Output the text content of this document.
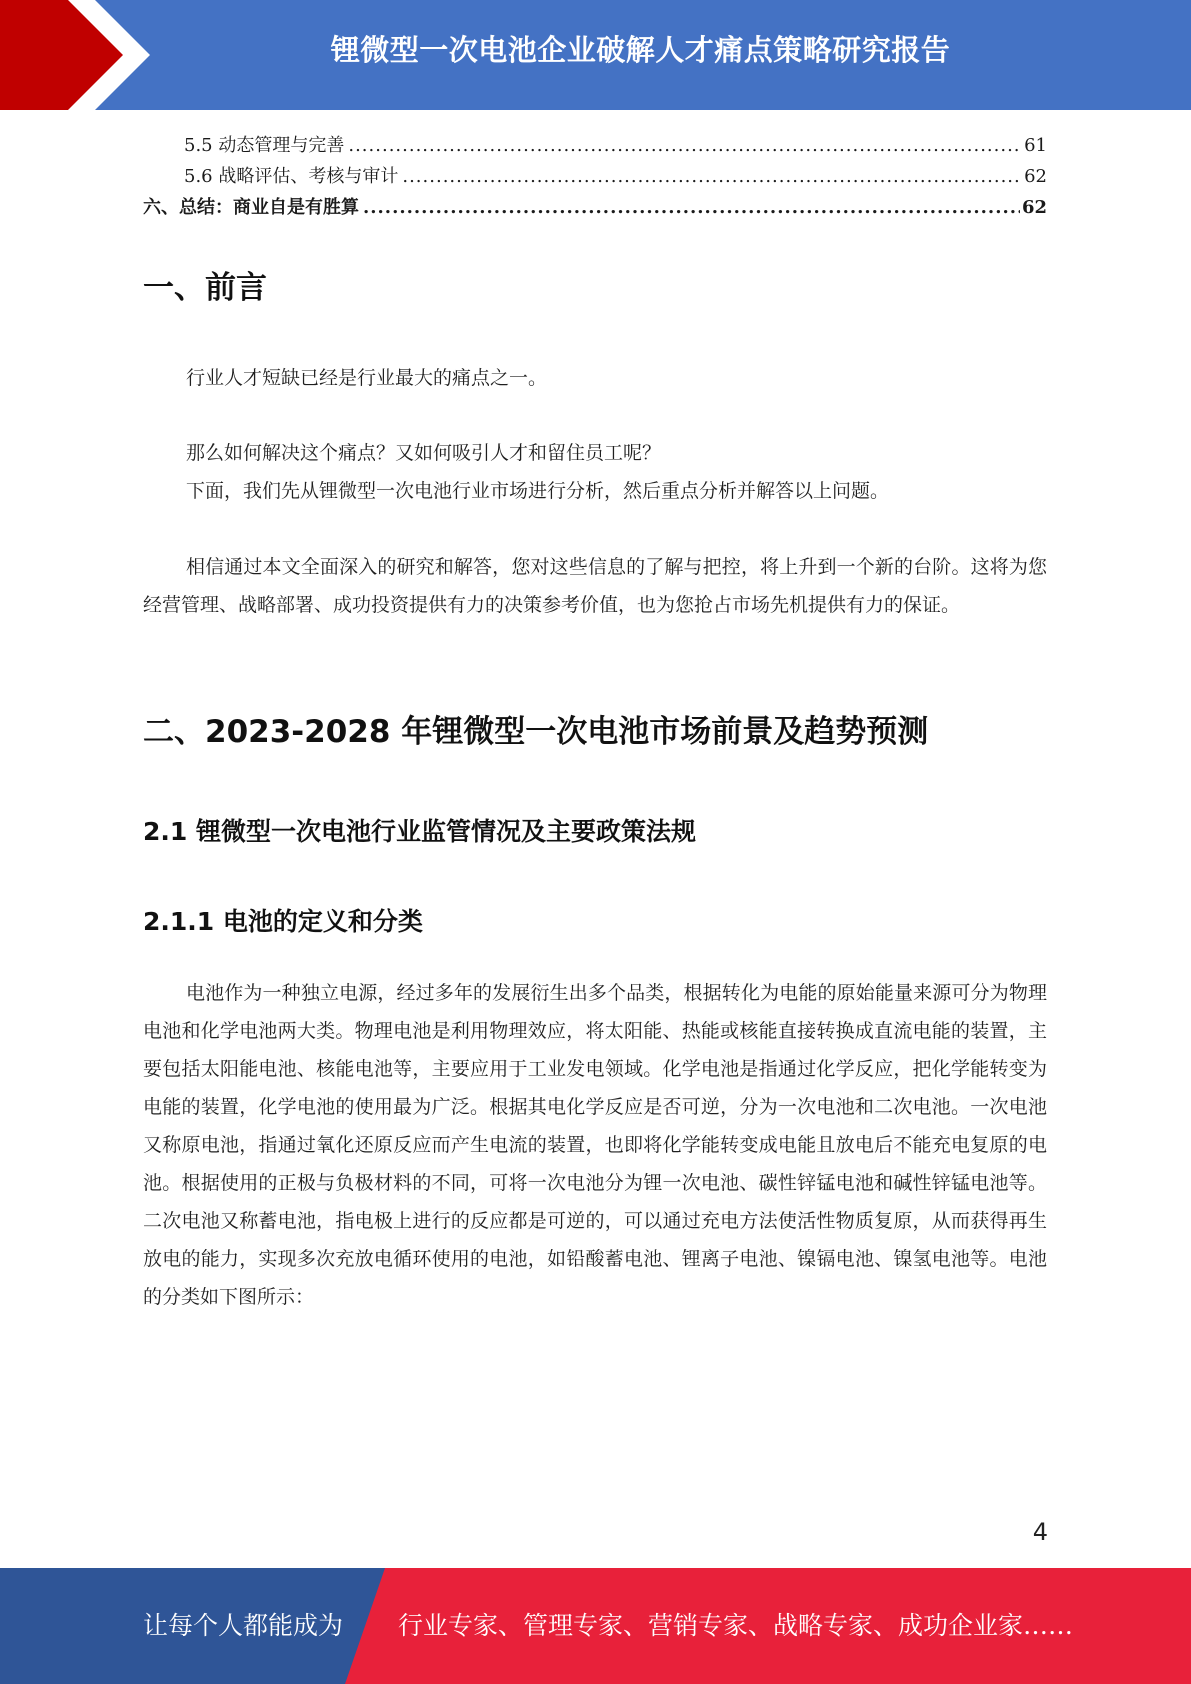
锂微型一次电池企业破解人才痛点策略研究报告
5.5 动态管理与完善 .....	61
5.6 战略评估、考核与审计 .....	62
六、总结：商业自是有胜算 .....	62
一、前言

行业人才短缺已经是行业最大的痛点之一。

那么如何解决这个痛点？又如何吸引人才和留住员工呢？

下面，我们先从锂微型一次电池行业市场进行分析，然后重点分析并解答以上问题。

相信通过本文全面深入的研究和解答，您对这些信息的了解与把控，将上升到一个新的台阶。这将为您经营管理、战略部署、成功投资提供有力的决策参考价值，也为您抢占市场先机提供有力的保证。

二、2023-2028 年锂微型一次电池市场前景及趋势预测
2.1 锂微型一次电池行业监管情况及主要政策法规
2.1.1 电池的定义和分类

电池作为一种独立电源，经过多年的发展衍生出多个品类，根据转化为电能的原始能量来源可分为物理电池和化学电池两大类。物理电池是利用物理效应，将太阳能、热能或核能直接转换成直流电能的装置，主要包括太阳能电池、核能电池等，主要应用于工业发电领域。化学电池是指通过化学反应，把化学能转变为电能的装置，化学电池的使用最为广泛。根据其电化学反应是否可逆，分为一次电池和二次电池。一次电池又称原电池，指通过氧化还原反应而产生电流的装置，也即将化学能转变成电能且放电后不能充电复原的电池。根据使用的正极与负极材料的不同，可将一次电池分为锂一次电池、碳性锌锰电池和碱性锌锰电池等。二次电池又称蓄电池，指电极上进行的反应都是可逆的，可以通过充电方法使活性物质复原，从而获得再生放电的能力，实现多次充放电循环使用的电池，如铅酸蓄电池、锂离子电池、镍镉电池、镍氢电池等。电池的分类如下图所示：

4
让每个人都能成为 行业专家、管理专家、营销专家、战略专家、成功企业家……
